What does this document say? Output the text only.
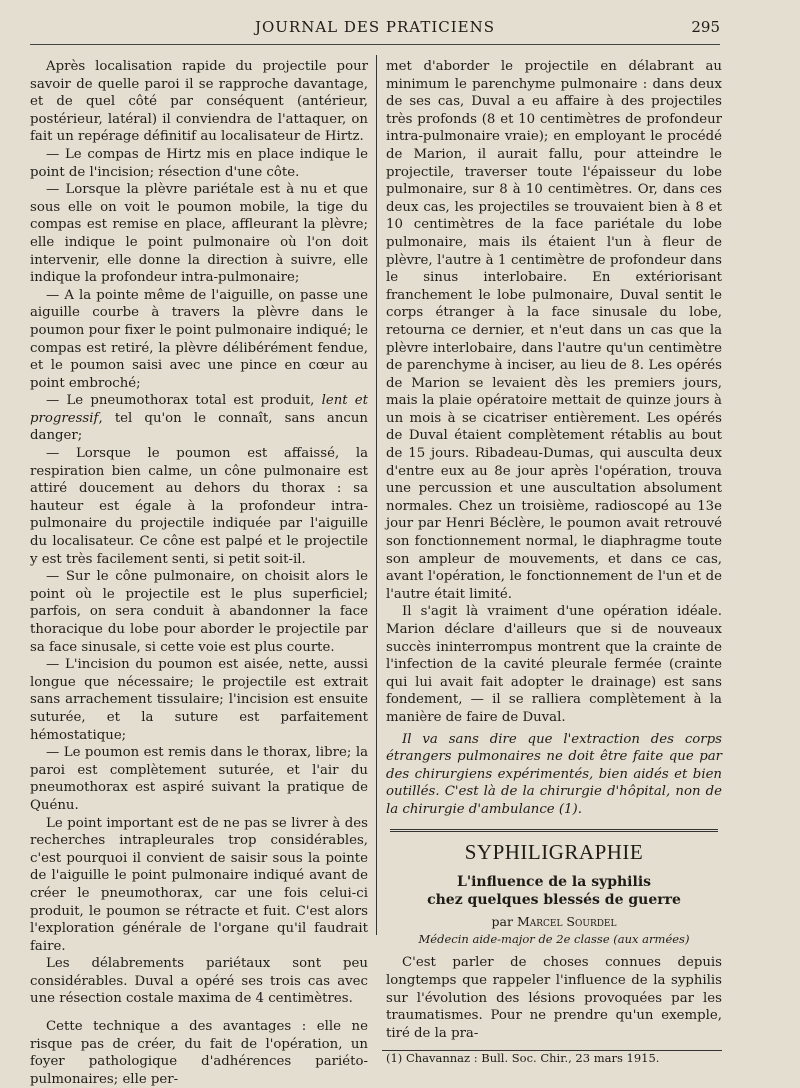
JOURNAL DES PRATICIENS	295

Après localisation rapide du projectile pour savoir de quelle paroi il se rapproche davantage, et de quel côté par conséquent (antérieur, postérieur, latéral) il conviendra de l'attaquer, on fait un repérage définitif au localisateur de Hirtz.

— Le compas de Hirtz mis en place indique le point de l'incision; résection d'une côte.

— Lorsque la plèvre pariétale est à nu et que sous elle on voit le poumon mobile, la tige du compas est remise en place, affleurant la plèvre; elle indique le point pulmonaire où l'on doit intervenir, elle donne la direction à suivre, elle indique la profondeur intra-pulmonaire;

— A la pointe même de l'aiguille, on passe une aiguille courbe à travers la plèvre dans le poumon pour fixer le point pulmonaire indiqué; le compas est retiré, la plèvre délibérément fendue, et le poumon saisi avec une pince en cœur au point embroché;

— Le pneumothorax total est produit, lent et progressif, tel qu'on le connaît, sans ancun danger;

— Lorsque le poumon est affaissé, la respiration bien calme, un cône pulmonaire est attiré doucement au dehors du thorax : sa hauteur est égale à la profondeur intra-pulmonaire du projectile indiquée par l'aiguille du localisateur. Ce cône est palpé et le projectile y est très facilement senti, si petit soit-il.

— Sur le cône pulmonaire, on choisit alors le point où le projectile est le plus superficiel; parfois, on sera conduit à abandonner la face thoracique du lobe pour aborder le projectile par sa face sinusale, si cette voie est plus courte.

— L'incision du poumon est aisée, nette, aussi longue que nécessaire; le projectile est extrait sans arrachement tissulaire; l'incision est ensuite suturée, et la suture est parfaitement hémostatique;

— Le poumon est remis dans le thorax, libre; la paroi est complètement suturée, et l'air du pneumothorax est aspiré suivant la pratique de Quénu.

Le point important est de ne pas se livrer à des recherches intrapleurales trop considérables, c'est pourquoi il convient de saisir sous la pointe de l'aiguille le point pulmonaire indiqué avant de créer le pneumothorax, car une fois celui-ci produit, le poumon se rétracte et fuit. C'est alors l'exploration générale de l'organe qu'il faudrait faire.

Les délabrements pariétaux sont peu considérables. Duval a opéré ses trois cas avec une résection costale maxima de 4 centimètres.

Cette technique a des avantages : elle ne risque pas de créer, du fait de l'opération, un foyer pathologique d'adhérences pariéto-pulmonaires; elle per-

met d'aborder le projectile en délabrant au minimum le parenchyme pulmonaire : dans deux de ses cas, Duval a eu affaire à des projectiles très profonds (8 et 10 centimètres de profondeur intra-pulmonaire vraie); en employant le procédé de Marion, il aurait fallu, pour atteindre le projectile, traverser toute l'épaisseur du lobe pulmonaire, sur 8 à 10 centimètres. Or, dans ces deux cas, les projectiles se trouvaient bien à 8 et 10 centimètres de la face pariétale du lobe pulmonaire, mais ils étaient l'un à fleur de plèvre, l'autre à 1 centimètre de profondeur dans le sinus interlobaire. En extériorisant franchement le lobe pulmonaire, Duval sentit le corps étranger à la face sinusale du lobe, retourna ce dernier, et n'eut dans un cas que la plèvre interlobaire, dans l'autre qu'un centimètre de parenchyme à inciser, au lieu de 8. Les opérés de Marion se levaient dès les premiers jours, mais la plaie opératoire mettait de quinze jours à un mois à se cicatriser entièrement. Les opérés de Duval étaient complètement rétablis au bout de 15 jours. Ribadeau-Dumas, qui ausculta deux d'entre eux au 8e jour après l'opération, trouva une percussion et une auscultation absolument normales. Chez un troisième, radioscopé au 13e jour par Henri Béclère, le poumon avait retrouvé son fonctionnement normal, le diaphragme toute son ampleur de mouvements, et dans ce cas, avant l'opération, le fonctionnement de l'un et de l'autre était limité.

Il s'agit là vraiment d'une opération idéale. Marion déclare d'ailleurs que si de nouveaux succès ininterrompus montrent que la crainte de l'infection de la cavité pleurale fermée (crainte qui lui avait fait adopter le drainage) est sans fondement, — il se ralliera complètement à la manière de faire de Duval.

Il va sans dire que l'extraction des corps étrangers pulmonaires ne doit être faite que par des chirurgiens expérimentés, bien aidés et bien outillés. C'est là de la chirurgie d'hôpital, non de la chirurgie d'ambulance (1).

SYPHILIGRAPHIE
L'influence de la syphilis
chez quelques blessés de guerre
par Marcel Sourdel
Médecin aide-major de 2e classe (aux armées)

C'est parler de choses connues depuis longtemps que rappeler l'influence de la syphilis sur l'évolution des lésions provoquées par les traumatismes. Pour ne prendre qu'un exemple, tiré de la pra-

(1) Chavannaz : Bull. Soc. Chir., 23 mars 1915.
